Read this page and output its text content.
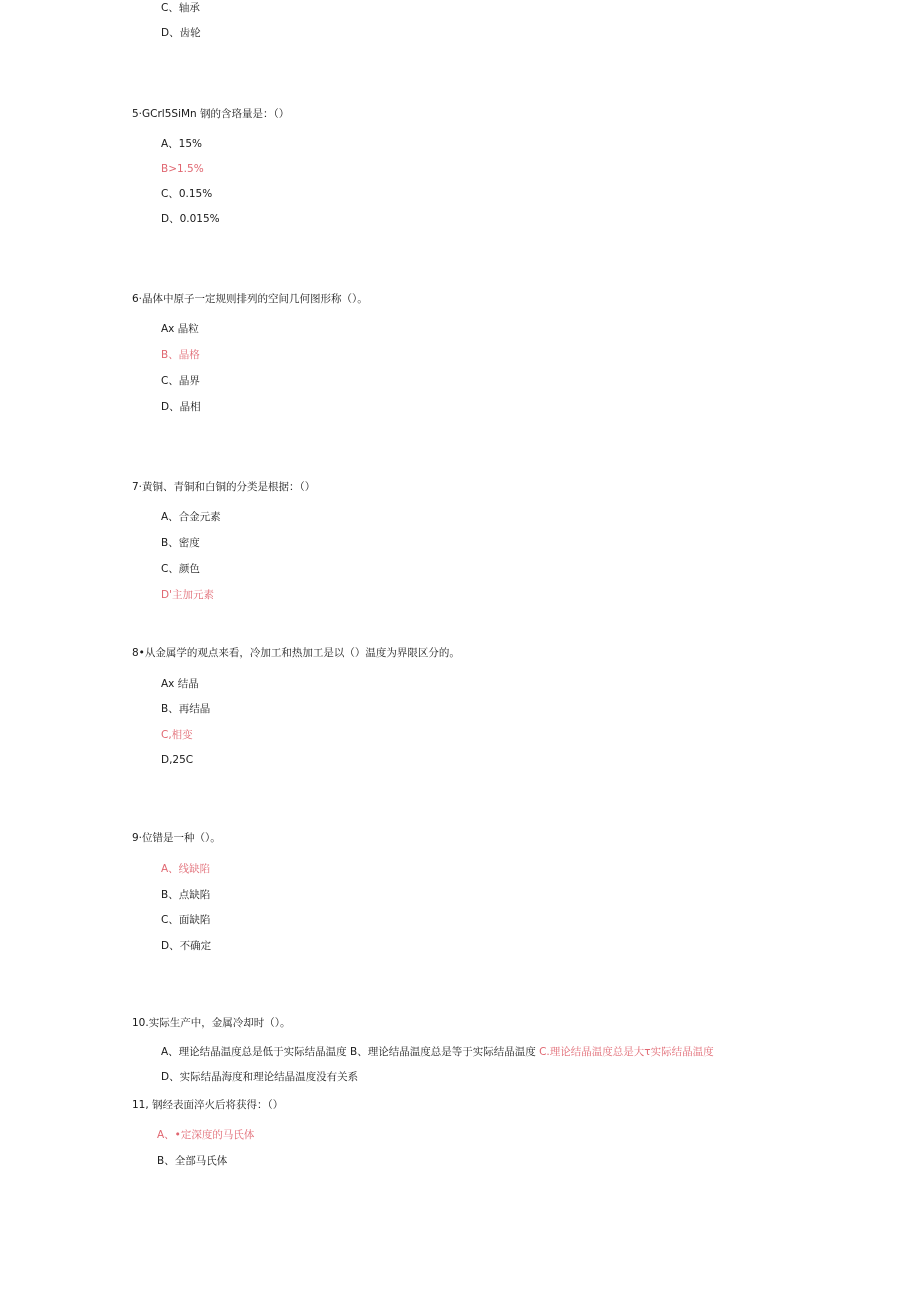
C、轴承
D、齿轮
5·GCrl5SiMn 钢的含珞量是：（）
A、15%
B>1.5%
C、0.15%
D、0.015%
6·晶体中原子一定规则排列的空间几何图形称（）。
Ax 晶粒
B、晶格
C、晶界
D、晶相
7·黄铜、青铜和白铜的分类是根据：（）
A、合金元素
B、密度
C、颜色
D'主加元素
8•从金属学的观点来看，冷加工和热加工是以（）温度为界限区分的。
Ax 结晶
B、再结晶
C,相变
D,25C
9·位错是一种（）。
A、线缺陷
B、点缺陷
C、面缺陷
D、不确定
10.实际生产中，金属冷却时（）。
A、理论结晶温度总是低于实际结晶温度 B、理论结晶温度总是等于实际结晶温度 C.理论结晶温度总是大τ实际结晶温度
D、实际结晶海度和理论结晶温度没有关系
11, 钢经表面淬火后将获得：（）
A、•定深度的马氏体
B、全部马氏体
